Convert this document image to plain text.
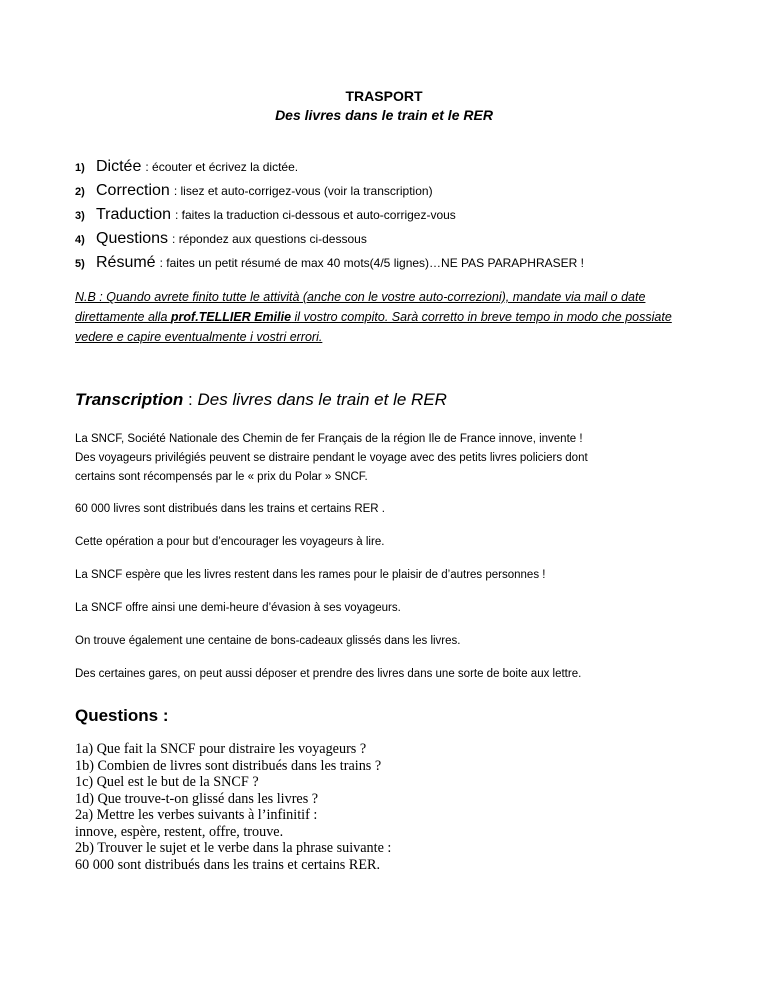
TRASPORT
Des livres dans le train et le RER
1) Dictée : écouter et écrivez la dictée.
2) Correction : lisez et auto-corrigez-vous (voir la transcription)
3) Traduction : faites la traduction ci-dessous et auto-corrigez-vous
4) Questions : répondez aux questions ci-dessous
5) Résumé : faites un petit résumé de max 40 mots(4/5 lignes)…NE PAS PARAPHRASER !
N.B : Quando avrete finito tutte le attività (anche con le vostre auto-correzioni), mandate via mail o date direttamente alla prof.TELLIER Emilie il vostro compito. Sarà corretto in breve tempo in modo che possiate vedere e capire eventualmente i vostri errori.
Transcription : Des livres dans le train et le RER

La SNCF, Société Nationale des Chemin de fer Français de la région Ile de France innove, invente !
Des voyageurs privilégiés peuvent se distraire pendant le voyage avec des petits livres policiers dont
certains sont récompensés par le « prix du Polar » SNCF.

60 000 livres sont distribués dans les trains et certains RER .

Cette opération a pour but d’encourager les voyageurs à lire.

La SNCF espère que les livres restent dans les rames pour le plaisir de d’autres personnes !

La SNCF offre ainsi une demi-heure d’évasion à ses voyageurs.

On trouve également une centaine de bons-cadeaux glissés dans les livres.

Des certaines gares, on peut aussi déposer et prendre des livres dans une sorte de boite aux lettre.

Questions :
1a) Que fait la SNCF pour distraire les voyageurs ?
1b) Combien de livres sont distribués dans les trains ?
1c) Quel est le but de la SNCF ?
1d) Que trouve-t-on glissé dans les livres ?
2a) Mettre les verbes suivants à l’infinitif :
innove, espère, restent, offre, trouve.
2b) Trouver le sujet et le verbe dans la phrase suivante :
60 000 sont distribués dans les trains et certains RER.
